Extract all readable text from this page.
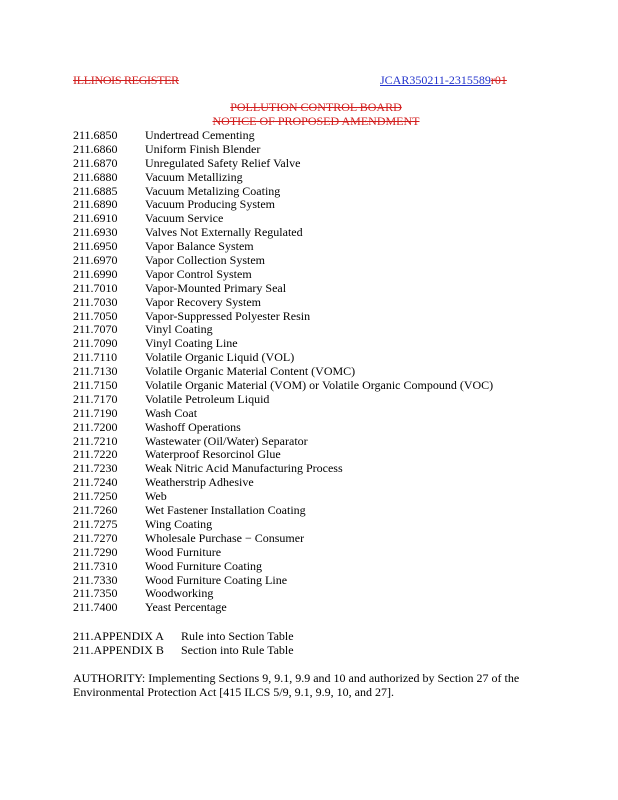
ILLINOIS REGISTER	JCAR350211-2315589r01
POLLUTION CONTROL BOARD
NOTICE OF PROPOSED AMENDMENT
211.6850 Undertread Cementing
211.6860 Uniform Finish Blender
211.6870 Unregulated Safety Relief Valve
211.6880 Vacuum Metallizing
211.6885 Vacuum Metalizing Coating
211.6890 Vacuum Producing System
211.6910 Vacuum Service
211.6930 Valves Not Externally Regulated
211.6950 Vapor Balance System
211.6970 Vapor Collection System
211.6990 Vapor Control System
211.7010 Vapor-Mounted Primary Seal
211.7030 Vapor Recovery System
211.7050 Vapor-Suppressed Polyester Resin
211.7070 Vinyl Coating
211.7090 Vinyl Coating Line
211.7110 Volatile Organic Liquid (VOL)
211.7130 Volatile Organic Material Content (VOMC)
211.7150 Volatile Organic Material (VOM) or Volatile Organic Compound (VOC)
211.7170 Volatile Petroleum Liquid
211.7190 Wash Coat
211.7200 Washoff Operations
211.7210 Wastewater (Oil/Water) Separator
211.7220 Waterproof Resorcinol Glue
211.7230 Weak Nitric Acid Manufacturing Process
211.7240 Weatherstrip Adhesive
211.7250 Web
211.7260 Wet Fastener Installation Coating
211.7275 Wing Coating
211.7270 Wholesale Purchase − Consumer
211.7290 Wood Furniture
211.7310 Wood Furniture Coating
211.7330 Wood Furniture Coating Line
211.7350 Woodworking
211.7400 Yeast Percentage
211.APPENDIX A Rule into Section Table
211.APPENDIX B Section into Rule Table
AUTHORITY: Implementing Sections 9, 9.1, 9.9 and 10 and authorized by Section 27 of the Environmental Protection Act [415 ILCS 5/9, 9.1, 9.9, 10, and 27].
